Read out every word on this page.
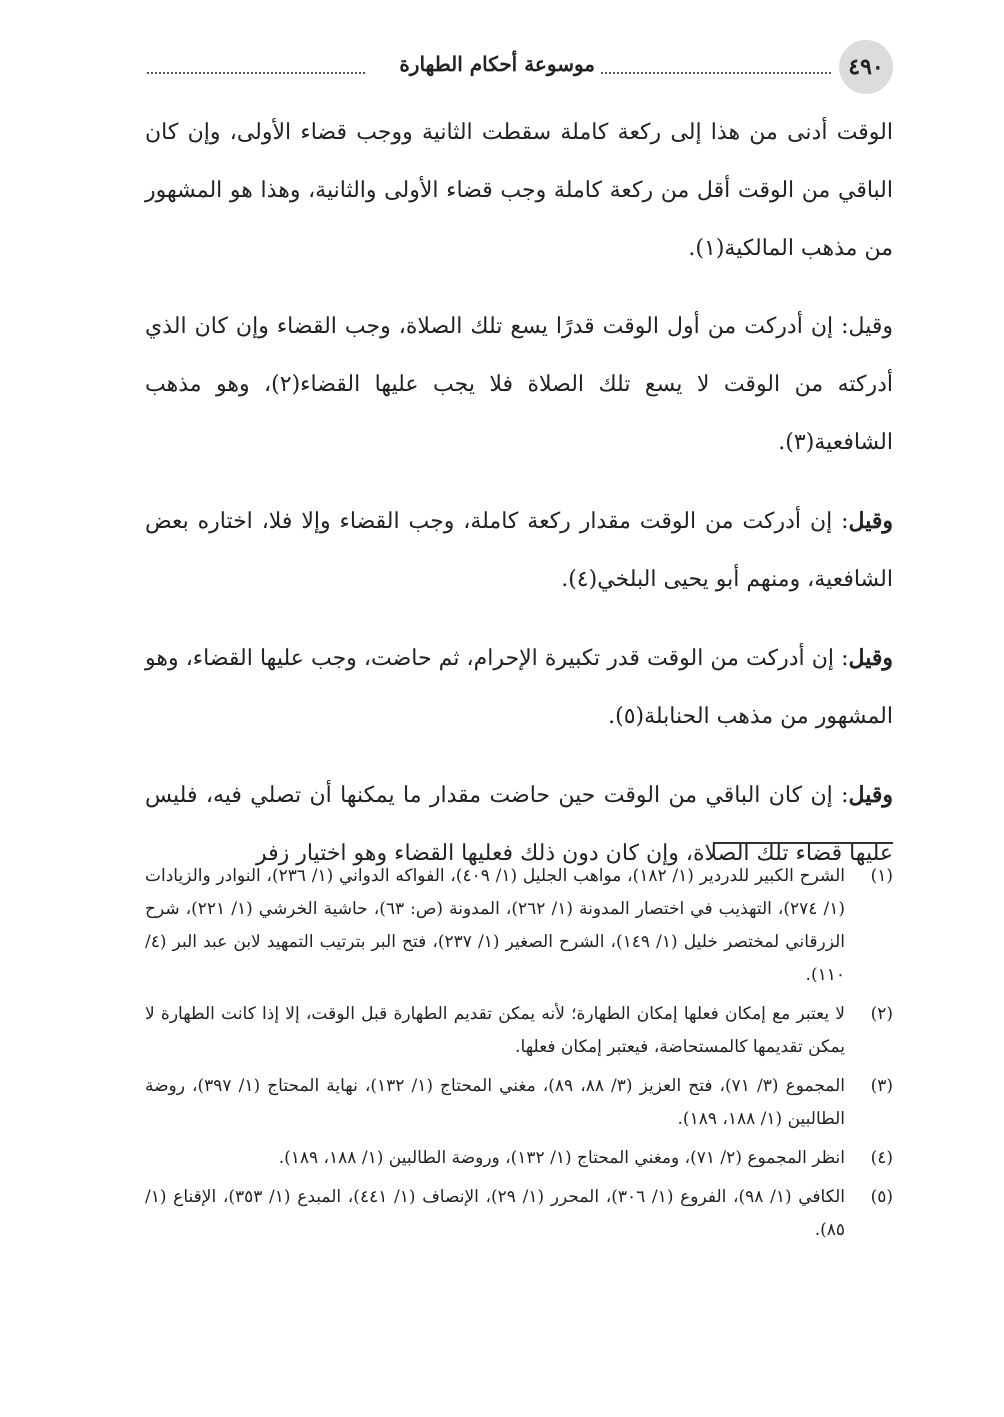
٤٩٠
موسوعة أحكام الطهارة

الوقت أدنى من هذا إلى ركعة كاملة سقطت الثانية ووجب قضاء الأولى، وإن كان الباقي من الوقت أقل من ركعة كاملة وجب قضاء الأولى والثانية، وهذا هو المشهور من مذهب المالكية(١).

وقيل: إن أدركت من أول الوقت قدرًا يسع تلك الصلاة، وجب القضاء وإن كان الذي أدركته من الوقت لا يسع تلك الصلاة فلا يجب عليها القضاء(٢)، وهو مذهب الشافعية(٣).

وقيل: إن أدركت من الوقت مقدار ركعة كاملة، وجب القضاء وإلا فلا، اختاره بعض الشافعية، ومنهم أبو يحيى البلخي(٤).

وقيل: إن أدركت من الوقت قدر تكبيرة الإحرام، ثم حاضت، وجب عليها القضاء، وهو المشهور من مذهب الحنابلة(٥).

وقيل: إن كان الباقي من الوقت حين حاضت مقدار ما يمكنها أن تصلي فيه، فليس عليها قضاء تلك الصلاة، وإن كان دون ذلك فعليها القضاء وهو اختيار زفر

(١)
الشرح الكبير للدردير (١/ ١٨٢)، مواهب الجليل (١/ ٤٠٩)، الفواكه الدواني (١/ ٢٣٦)، النوادر والزيادات (١/ ٢٧٤)، التهذيب في اختصار المدونة (١/ ٢٦٢)، المدونة (ص: ٦٣)، حاشية الخرشي (١/ ٢٢١)، شرح الزرقاني لمختصر خليل (١/ ١٤٩)، الشرح الصغير (١/ ٢٣٧)، فتح البر بترتيب التمهيد لابن عبد البر (٤/ ١١٠).
(٢)
لا يعتبر مع إمكان فعلها إمكان الطهارة؛ لأنه يمكن تقديم الطهارة قبل الوقت، إلا إذا كانت الطهارة لا يمكن تقديمها كالمستحاضة، فيعتبر إمكان فعلها.
(٣)
المجموع (٣/ ٧١)، فتح العزيز (٣/ ٨٨، ٨٩)، مغني المحتاج (١/ ١٣٢)، نهاية المحتاج (١/ ٣٩٧)، روضة الطالبين (١/ ١٨٨، ١٨٩).
(٤)
انظر المجموع (٢/ ٧١)، ومغني المحتاج (١/ ١٣٢)، وروضة الطالبين (١/ ١٨٨، ١٨٩).
(٥)
الكافي (١/ ٩٨)، الفروع (١/ ٣٠٦)، المحرر (١/ ٢٩)، الإنصاف (١/ ٤٤١)، المبدع (١/ ٣٥٣)، الإقناع (١/ ٨٥).
